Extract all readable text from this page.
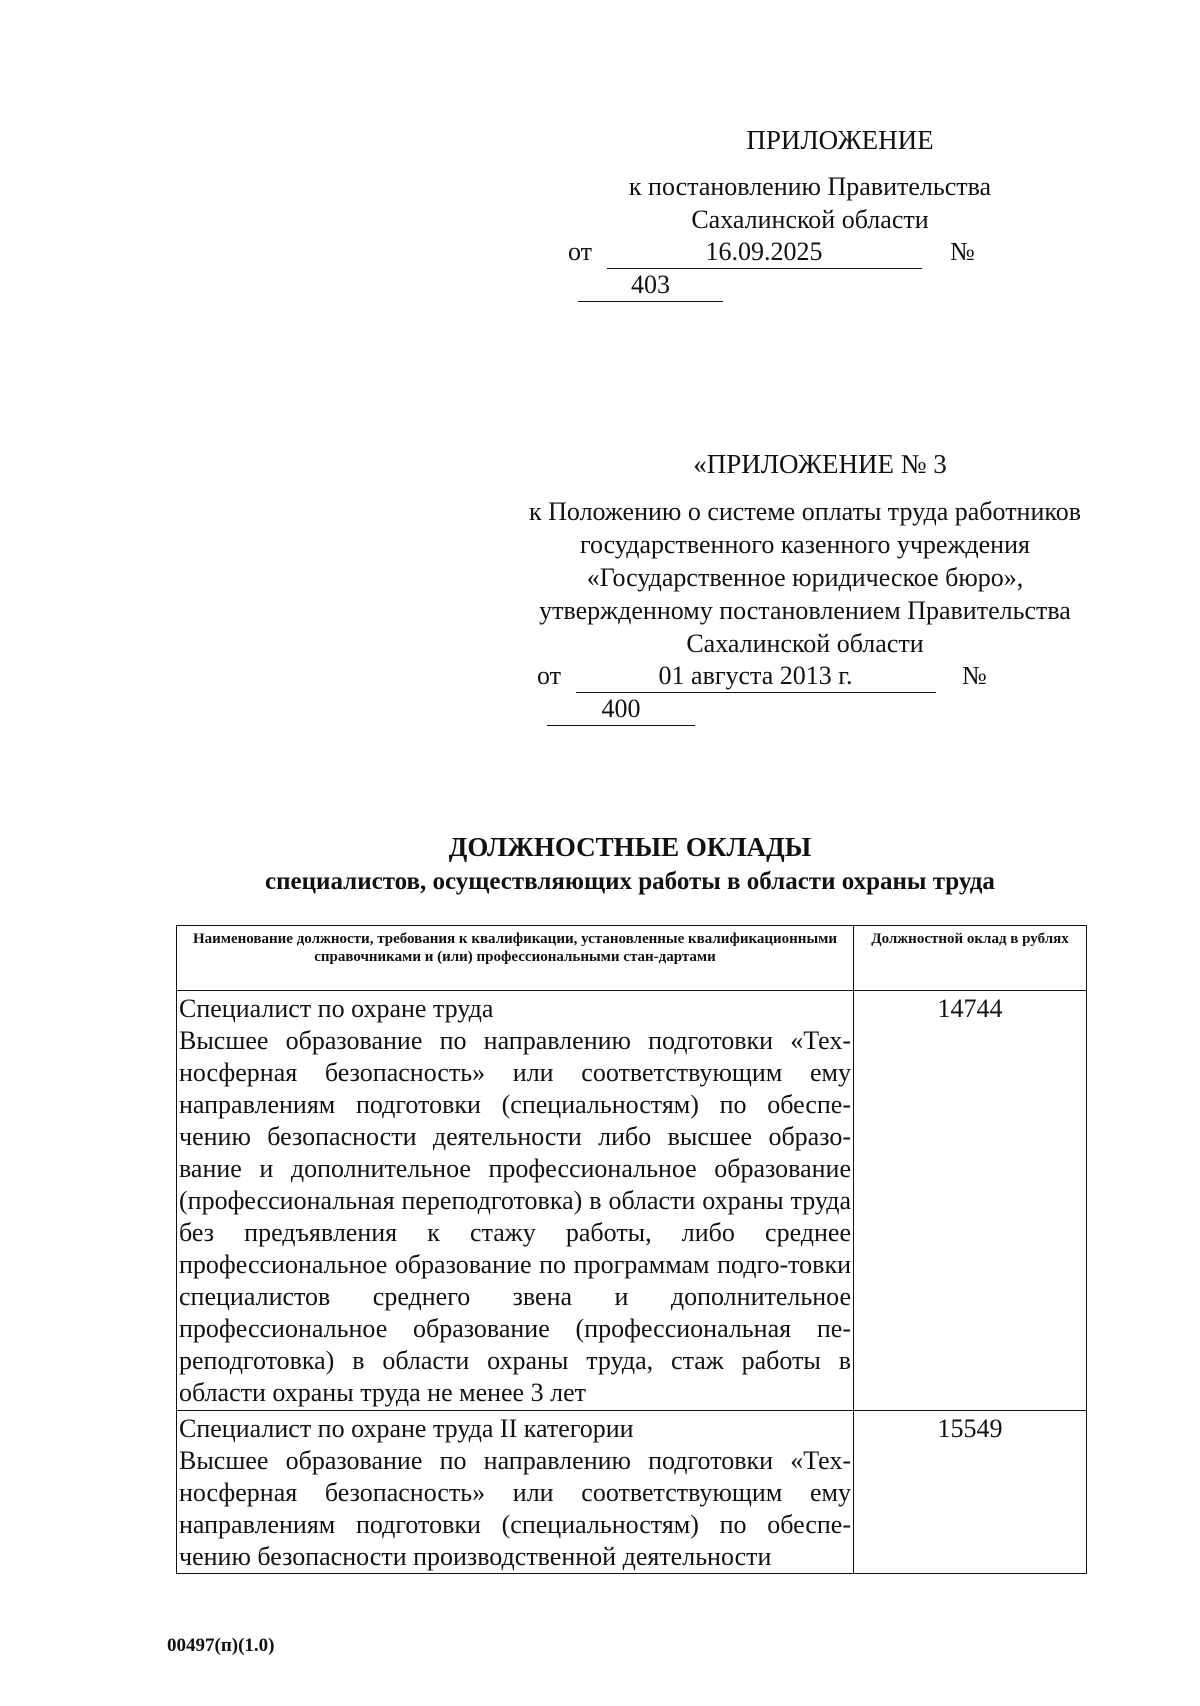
ПРИЛОЖЕНИЕ
к постановлению Правительства
Сахалинской области
от	16.09.2025	№ 403
«ПРИЛОЖЕНИЕ № 3
к Положению о системе оплаты труда работников
государственного казенного учреждения
«Государственное юридическое бюро»,
утвержденному постановлением Правительства
Сахалинской области
от	01 августа 2013 г.	№ 400
ДОЛЖНОСТНЫЕ ОКЛАДЫ
специалистов, осуществляющих работы в области охраны труда
Наименование должности, требования к квалификации, установленные квалификационными справочниками и (или) профессиональными стан-дартами	Должностной оклад в рублях

Специалист по охране труда
Высшее образование по направлению подготовки «Тех-носферная безопасность» или соответствующим ему направлениям подготовки (специальностям) по обеспе-чению безопасности деятельности либо высшее образо-вание и дополнительное профессиональное образование (профессиональная переподготовка) в области охраны труда без предъявления к стажу работы, либо среднее профессиональное образование по программам подго-товки специалистов среднего звена и дополнительное профессиональное образование (профессиональная пе-реподготовка) в области охраны труда, стаж работы в области охраны труда не менее 3 лет	14744

Специалист по охране труда II категории
Высшее образование по направлению подготовки «Тех-носферная безопасность» или соответствующим ему направлениям подготовки (специальностям) по обеспе-чению безопасности производственной деятельности	15549
00497(п)(1.0)
